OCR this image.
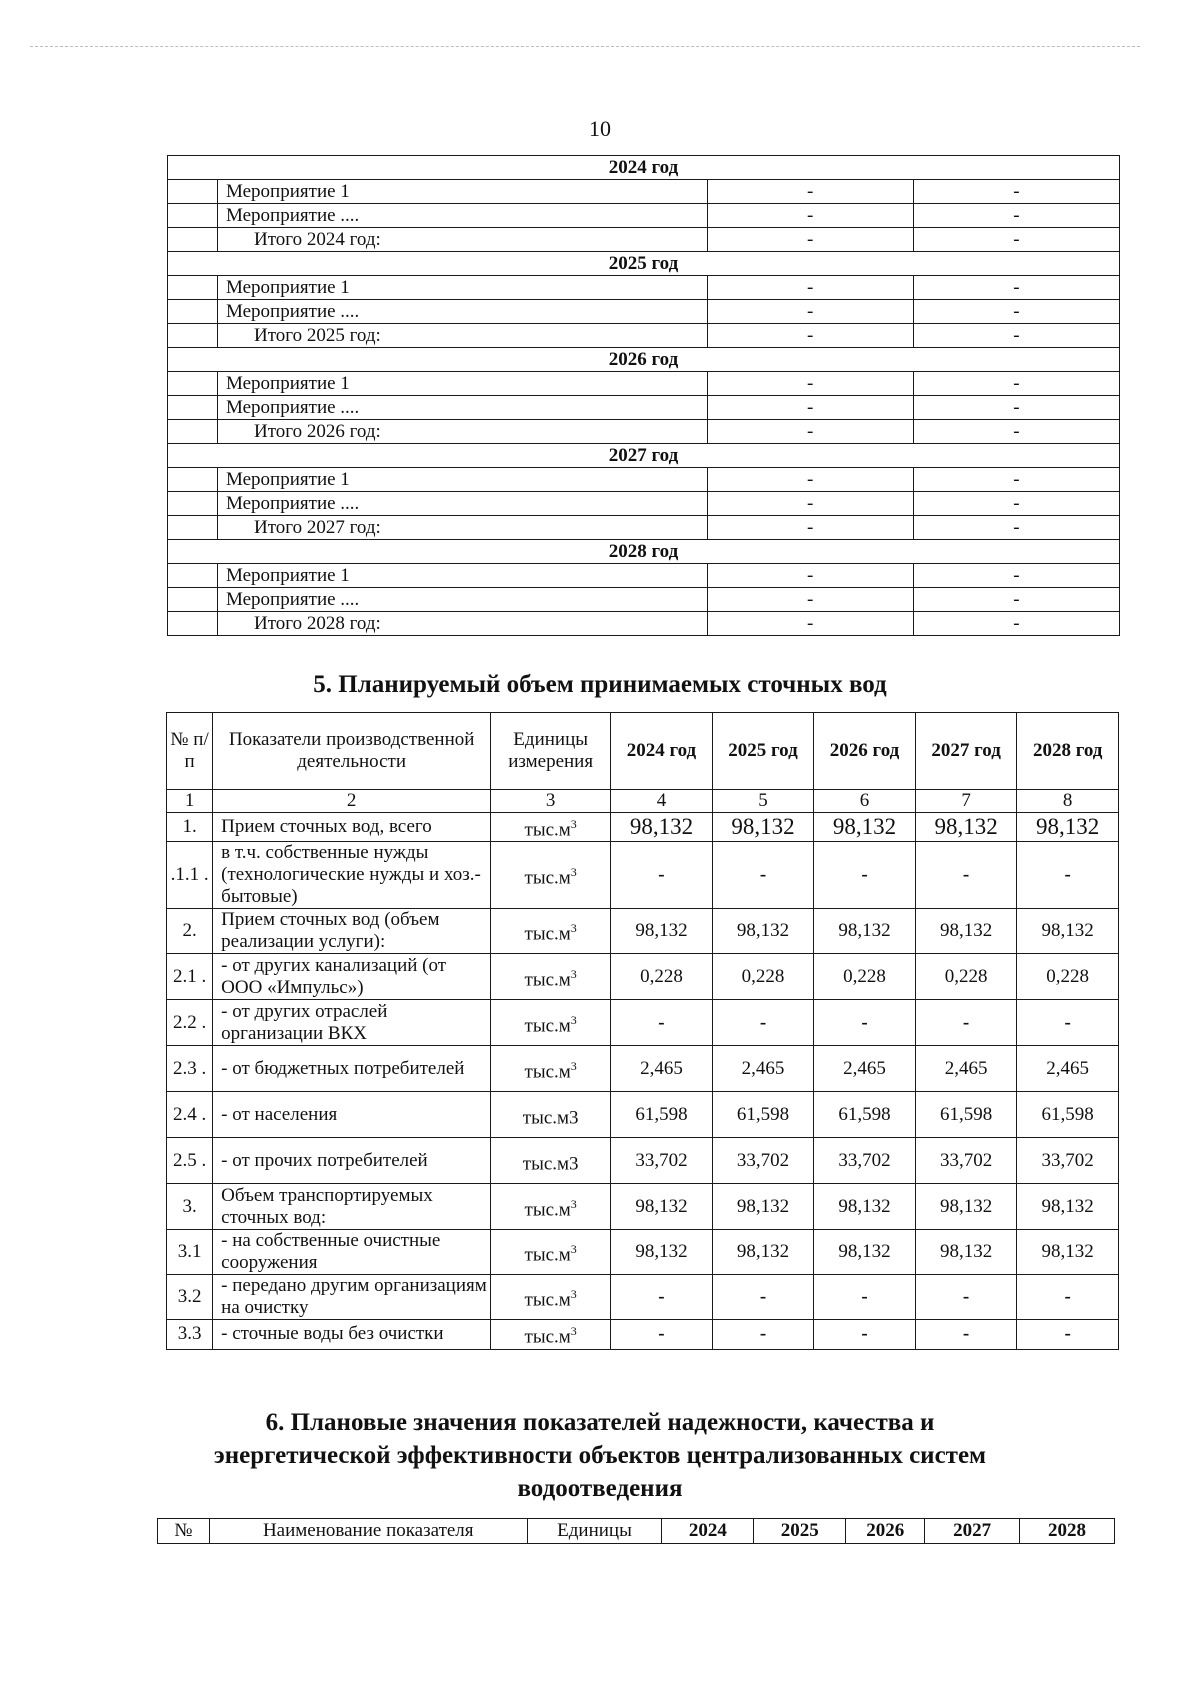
10
2024 год			
	Мероприятие 1	-	-
	Мероприятие ....	-	-
	Итого 2024 год:	-	-
2025 год			
	Мероприятие 1	-	-
	Мероприятие ....	-	-
	Итого 2025 год:	-	-
2026 год			
	Мероприятие 1	-	-
	Мероприятие ....	-	-
	Итого 2026 год:	-	-
2027 год			
	Мероприятие 1	-	-
	Мероприятие ....	-	-
	Итого 2027 год:	-	-
2028 год			
	Мероприятие 1	-	-
	Мероприятие ....	-	-
	Итого 2028 год:	-	-
5. Планируемый объем принимаемых сточных вод
№ п/п	Показатели производственной деятельности	Единицы измерения	2024 год	2025 год	2026 год	2027 год	2028 год
1	2	3	4	5	6	7	8
1.	Прием сточных вод, всего	$тыс.м^3$	98,132	98,132	98,132	98,132	98,132
.1.1 .	в т.ч. собственные нужды (технологические нужды и хоз.-бытовые)	$тыс.м^3$	-	-	-	-	-
2.	Прием сточных вод (объем реализации услуги):	$тыс.м^3$	98,132	98,132	98,132	98,132	98,132
2.1 .	- от других канализаций (от ООО «Импульс»)	$тыс.м^3$	0,228	0,228	0,228	0,228	0,228
2.2 .	- от других отраслей организации ВКХ	$тыс.м^3$	-	-	-	-	-
2.3 .	- от бюджетных потребителей	$тыс.м^3$	2,465	2,465	2,465	2,465	2,465
2.4 .	- от населения	тыс.м3	61,598	61,598	61,598	61,598	61,598
2.5 .	- от прочих потребителей	тыс.м3	33,702	33,702	33,702	33,702	33,702
3.	Объем транспортируемых сточных вод:	$тыс.м^3$	98,132	98,132	98,132	98,132	98,132
3.1	- на собственные очистные сооружения	$тыс.м^3$	98,132	98,132	98,132	98,132	98,132
3.2	- передано другим организациям на очистку	$тыс.м^3$	-	-	-	-	-
3.3	- сточные воды без очистки	$тыс.м^3$	-	-	-	-	-
6. Плановые значения показателей надежности, качества и
энергетической эффективности объектов централизованных систем
водоотведения
№	Наименование показателя	Единицы	2024	2025	2026	2027	2028
